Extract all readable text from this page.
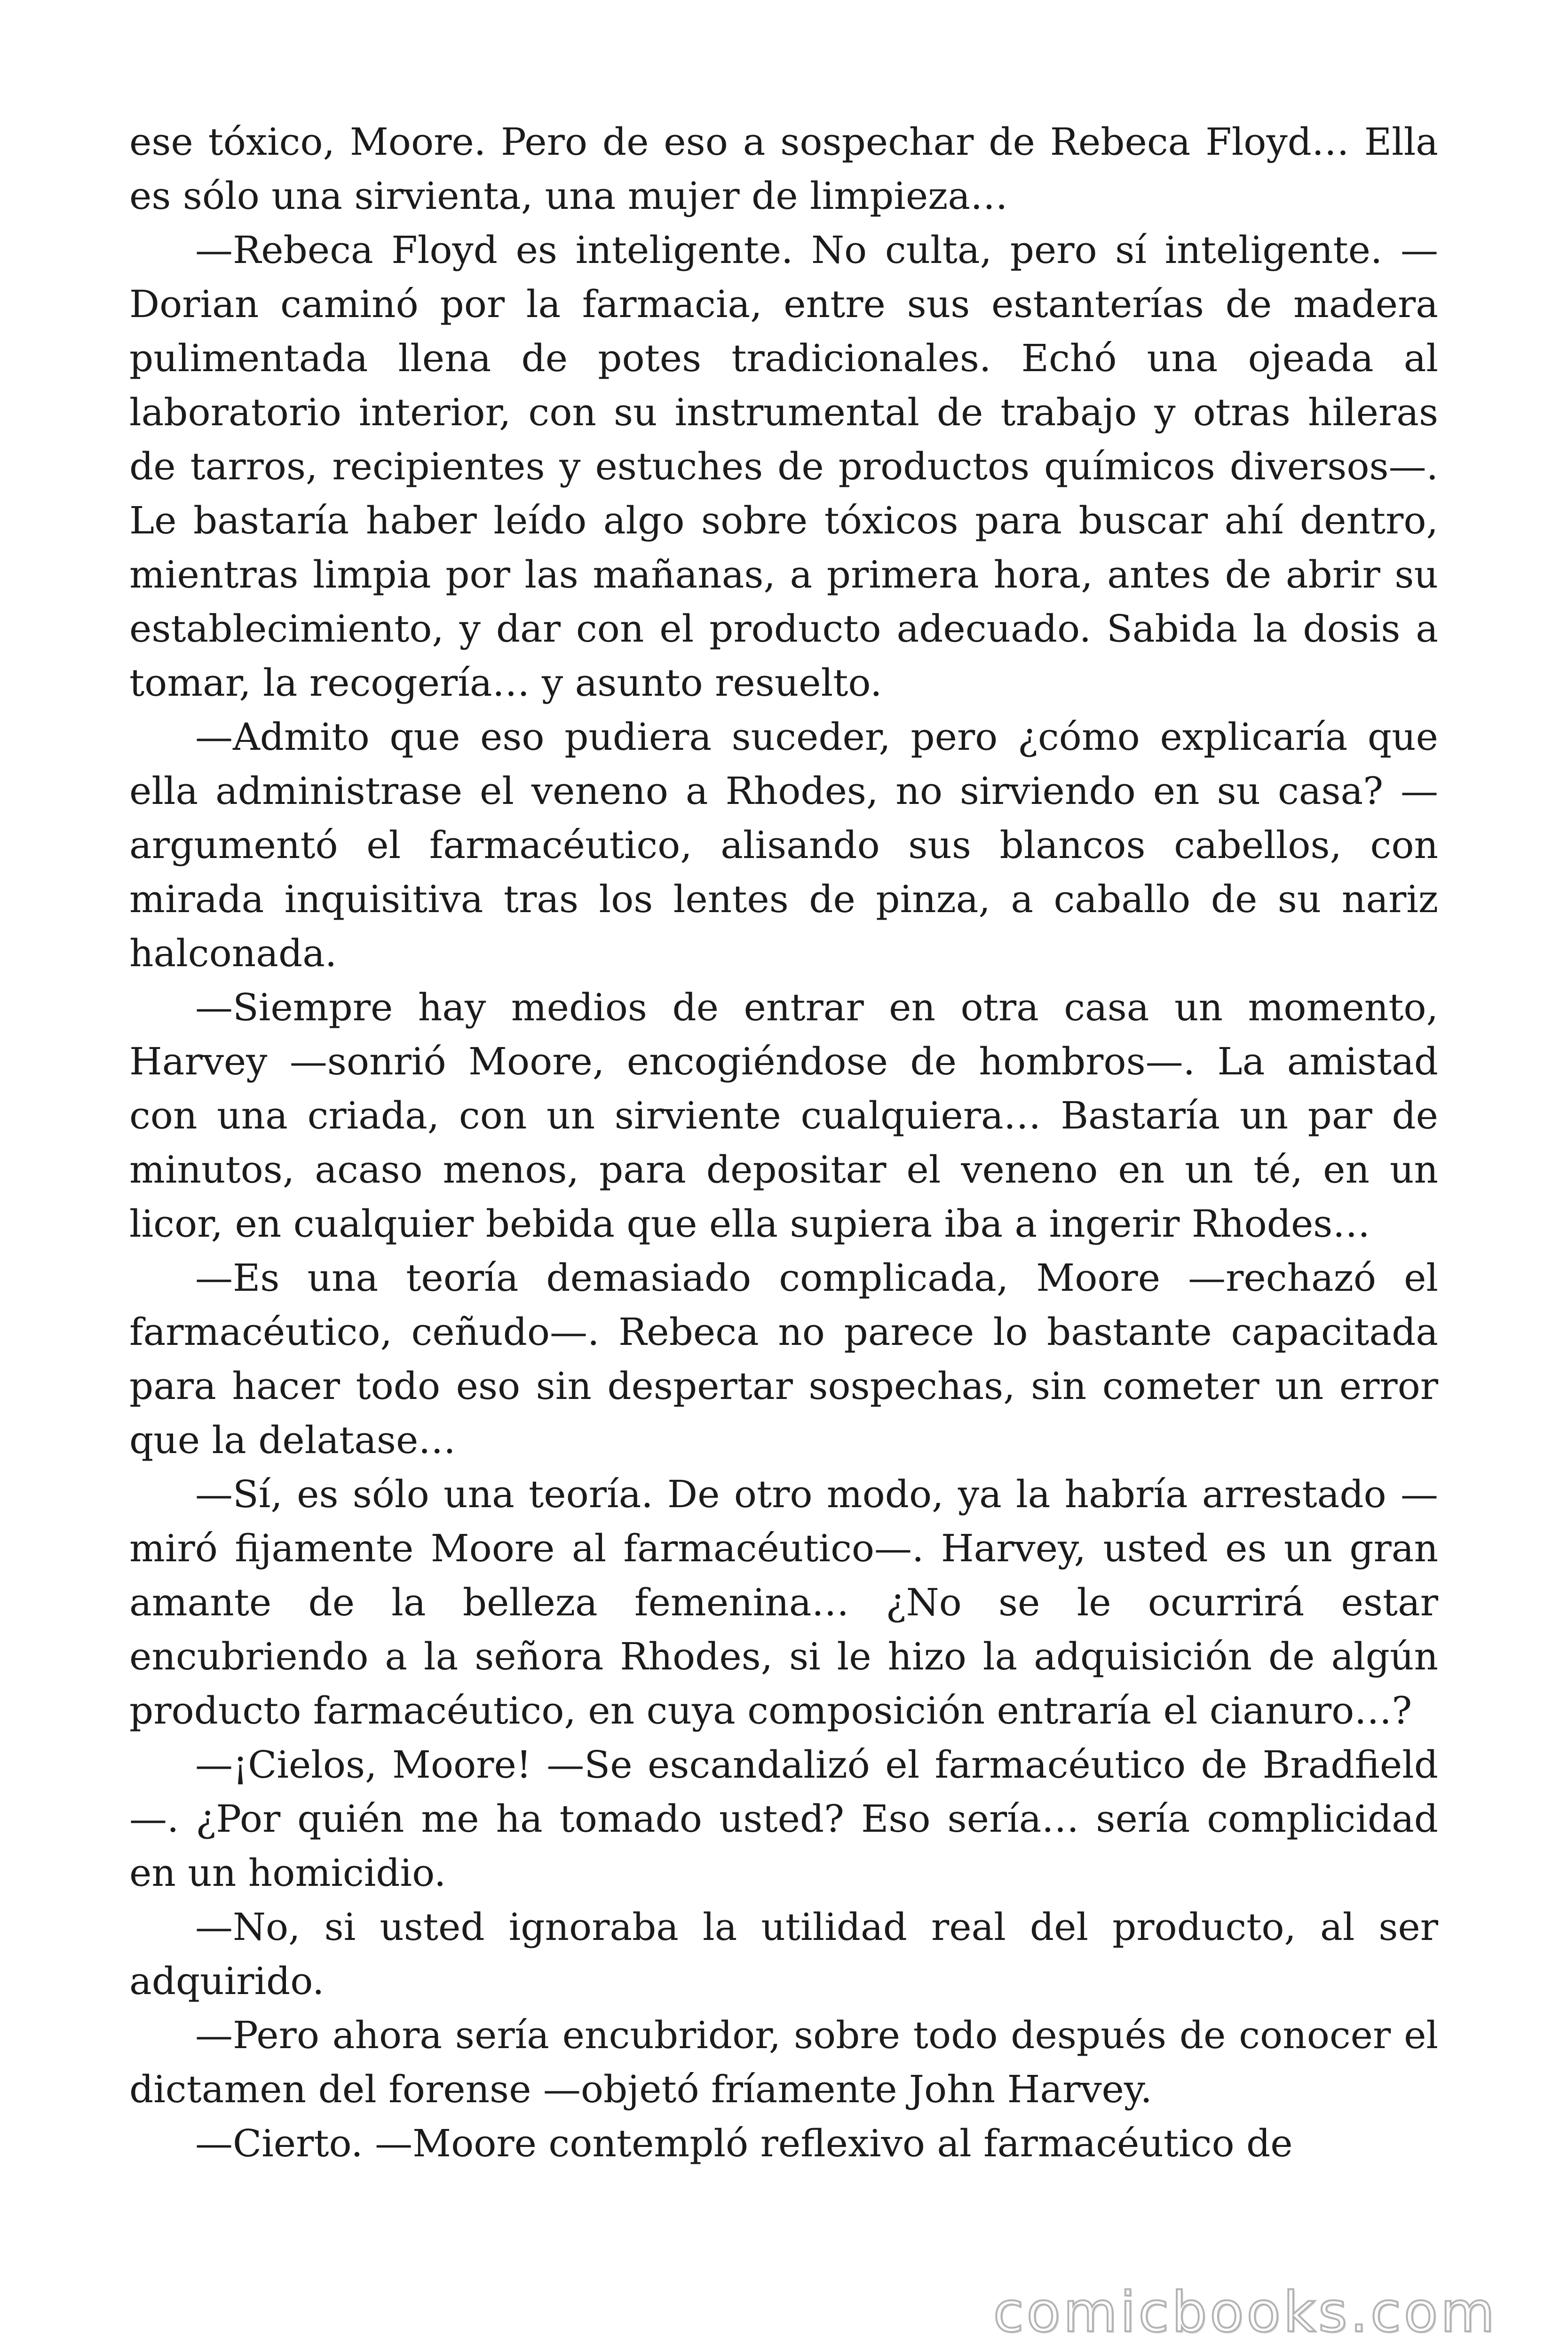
ese tóxico, Moore. Pero de eso a sospechar de Rebeca Floyd… Ella es sólo una sirvienta, una mujer de limpieza…

—Rebeca Floyd es inteligente. No culta, pero sí inteligente. —Dorian caminó por la farmacia, entre sus estanterías de madera pulimentada llena de potes tradicionales. Echó una ojeada al laboratorio interior, con su instrumental de trabajo y otras hileras de tarros, recipientes y estuches de productos químicos diversos—. Le bastaría haber leído algo sobre tóxicos para buscar ahí dentro, mientras limpia por las mañanas, a primera hora, antes de abrir su establecimiento, y dar con el producto adecuado. Sabida la dosis a tomar, la recogería… y asunto resuelto.

—Admito que eso pudiera suceder, pero ¿cómo explicaría que ella administrase el veneno a Rhodes, no sirviendo en su casa? —argumentó el farmacéutico, alisando sus blancos cabellos, con mirada inquisitiva tras los lentes de pinza, a caballo de su nariz halconada.

—Siempre hay medios de entrar en otra casa un momento, Harvey —sonrió Moore, encogiéndose de hombros—. La amistad con una criada, con un sirviente cualquiera… Bastaría un par de minutos, acaso menos, para depositar el veneno en un té, en un licor, en cualquier bebida que ella supiera iba a ingerir Rhodes…

—Es una teoría demasiado complicada, Moore —rechazó el farmacéutico, ceñudo—. Rebeca no parece lo bastante capacitada para hacer todo eso sin despertar sospechas, sin cometer un error que la delatase…

—Sí, es sólo una teoría. De otro modo, ya la habría arrestado —miró fijamente Moore al farmacéutico—. Harvey, usted es un gran amante de la belleza femenina… ¿No se le ocurrirá estar encubriendo a la señora Rhodes, si le hizo la adquisición de algún producto farmacéutico, en cuya composición entraría el cianuro…?

—¡Cielos, Moore! —Se escandalizó el farmacéutico de Bradfield —. ¿Por quién me ha tomado usted? Eso sería… sería complicidad en un homicidio.

—No, si usted ignoraba la utilidad real del producto, al ser adquirido.

—Pero ahora sería encubridor, sobre todo después de conocer el dictamen del forense —objetó fríamente John Harvey.

—Cierto. —Moore contempló reflexivo al farmacéutico de

comicbooks.com
